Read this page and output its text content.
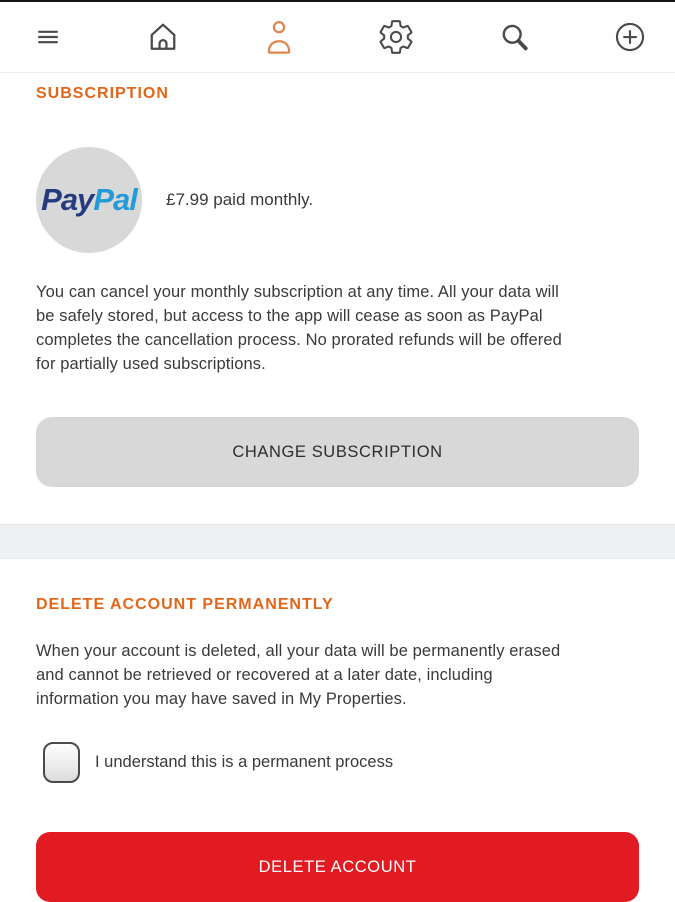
SUBSCRIPTION
PayPal £7.99 paid monthly.

You can cancel your monthly subscription at any time. All your data will be safely stored, but access to the app will cease as soon as PayPal completes the cancellation process. No prorated refunds will be offered for partially used subscriptions.

CHANGE SUBSCRIPTION
DELETE ACCOUNT PERMANENTLY

When your account is deleted, all your data will be permanently erased and cannot be retrieved or recovered at a later date, including information you may have saved in My Properties.

I understand this is a permanent process
DELETE ACCOUNT
